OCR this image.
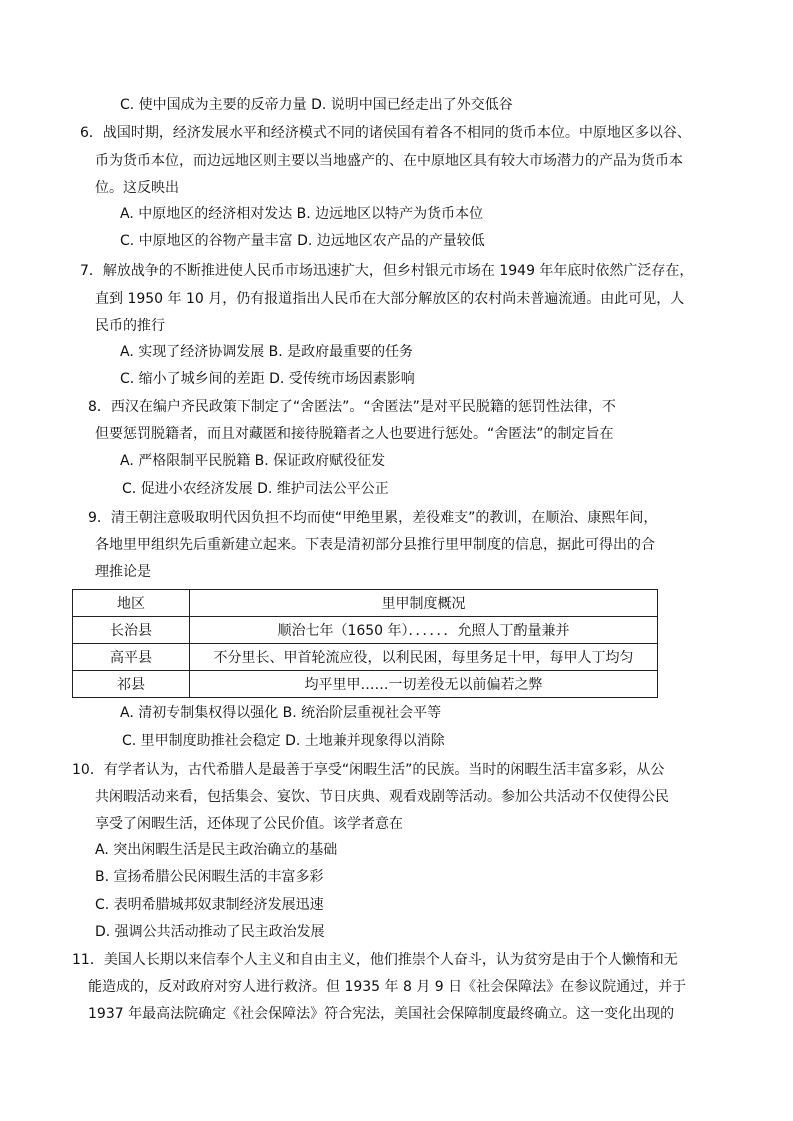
C. 使中国成为主要的反帝力量 D. 说明中国已经走出了外交低谷
6．战国时期，经济发展水平和经济模式不同的诸侯国有着各不相同的货币本位。中原地区多以谷、
币为货币本位，而边远地区则主要以当地盛产的、在中原地区具有较大市场潜力的产品为货币本
位。这反映出
A. 中原地区的经济相对发达 B. 边远地区以特产为货币本位
C. 中原地区的谷物产量丰富 D. 边远地区农产品的产量较低
7．解放战争的不断推进使人民币市场迅速扩大，但乡村银元市场在 1949 年年底时依然广泛存在，
直到 1950 年 10 月，仍有报道指出人民币在大部分解放区的农村尚未普遍流通。由此可见，人
民币的推行
A. 实现了经济协调发展 B. 是政府最重要的任务
C. 缩小了城乡间的差距 D. 受传统市场因素影响
8．西汉在编户齐民政策下制定了“舍匿法”。“舍匿法”是对平民脱籍的惩罚性法律，不
但要惩罚脱籍者，而且对藏匿和接待脱籍者之人也要进行惩处。“舍匿法”的制定旨在
A. 严格限制平民脱籍 B. 保证政府赋役征发
C. 促进小农经济发展 D. 维护司法公平公正
9．清王朝注意吸取明代因负担不均而使“甲绝里累，差役难支”的教训，在顺治、康熙年间，
各地里甲组织先后重新建立起来。下表是清初部分县推行里甲制度的信息，据此可得出的合
理推论是
地区	里甲制度概况
长治县	顺治七年（1650 年）．．．．．．允照人丁酌量兼并
高平县	不分里长、甲首轮流应役，以利民困，每里务足十甲，每甲人丁均匀
祁县	均平里甲……一切差役无以前偏若之弊
A. 清初专制集权得以强化 B. 统治阶层重视社会平等
C. 里甲制度助推社会稳定 D. 土地兼并现象得以消除
10．有学者认为，古代希腊人是最善于享受“闲暇生活”的民族。当时的闲暇生活丰富多彩，从公
共闲暇活动来看，包括集会、宴饮、节日庆典、观看戏剧等活动。参加公共活动不仅使得公民
享受了闲暇生活，还体现了公民价值。该学者意在
A. 突出闲暇生活是民主政治确立的基础
B. 宣扬希腊公民闲暇生活的丰富多彩
C. 表明希腊城邦奴隶制经济发展迅速
D. 强调公共活动推动了民主政治发展
11．美国人长期以来信奉个人主义和自由主义，他们推崇个人奋斗，认为贫穷是由于个人懒惰和无
能造成的，反对政府对穷人进行救济。但 1935 年 8 月 9 日《社会保障法》在参议院通过，并于
1937 年最高法院确定《社会保障法》符合宪法，美国社会保障制度最终确立。这一变化出现的
